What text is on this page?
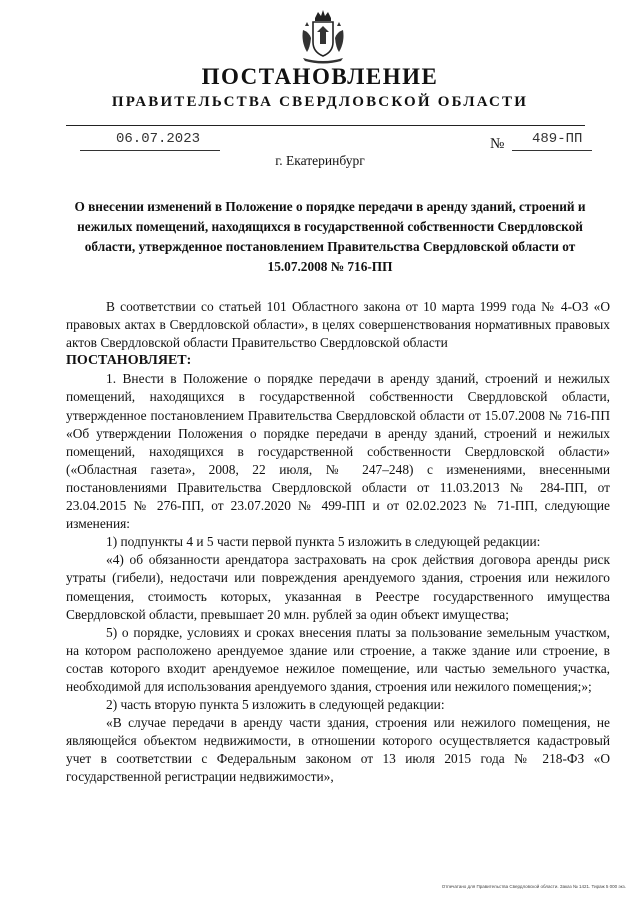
ПОСТАНОВЛЕНИЕ
ПРАВИТЕЛЬСТВА СВЕРДЛОВСКОЙ ОБЛАСТИ
06.07.2023	№ 489-ПП
г. Екатеринбург
О внесении изменений в Положение о порядке передачи в аренду зданий, строений и нежилых помещений, находящихся в государственной собственности Свердловской области, утвержденное постановлением Правительства Свердловской области от 15.07.2008 № 716-ПП

В соответствии со статьей 101 Областного закона от 10 марта 1999 года № 4-ОЗ «О правовых актах в Свердловской области», в целях совершенствования нормативных правовых актов Свердловской области Правительство Свердловской области

ПОСТАНОВЛЯЕТ:

1. Внести в Положение о порядке передачи в аренду зданий, строений и нежилых помещений, находящихся в государственной собственности Свердловской области, утвержденное постановлением Правительства Свердловской области от 15.07.2008 № 716-ПП «Об утверждении Положения о порядке передачи в аренду зданий, строений и нежилых помещений, находящихся в государственной собственности Свердловской области» («Областная газета», 2008, 22 июля, № 247–248) с изменениями, внесенными постановлениями Правительства Свердловской области от 11.03.2013 № 284-ПП, от 23.04.2015 № 276-ПП, от 23.07.2020 № 499-ПП и от 02.02.2023 № 71-ПП, следующие изменения:

1) подпункты 4 и 5 части первой пункта 5 изложить в следующей редакции:

«4) об обязанности арендатора застраховать на срок действия договора аренды риск утраты (гибели), недостачи или повреждения арендуемого здания, строения или нежилого помещения, стоимость которых, указанная в Реестре государственного имущества Свердловской области, превышает 20 млн. рублей за один объект имущества;

5) о порядке, условиях и сроках внесения платы за пользование земельным участком, на котором расположено арендуемое здание или строение, а также здание или строение, в состав которого входит арендуемое нежилое помещение, или частью земельного участка, необходимой для использования арендуемого здания, строения или нежилого помещения;»;

2) часть вторую пункта 5 изложить в следующей редакции:

«В случае передачи в аренду части здания, строения или нежилого помещения, не являющейся объектом недвижимости, в отношении которого осуществляется кадастровый учет в соответствии с Федеральным законом от 13 июля 2015 года № 218-ФЗ «О государственной регистрации недвижимости»,

Отпечатано для Правительства Свердловской области. Заказ № 1421. Тираж 5 000 экз.
